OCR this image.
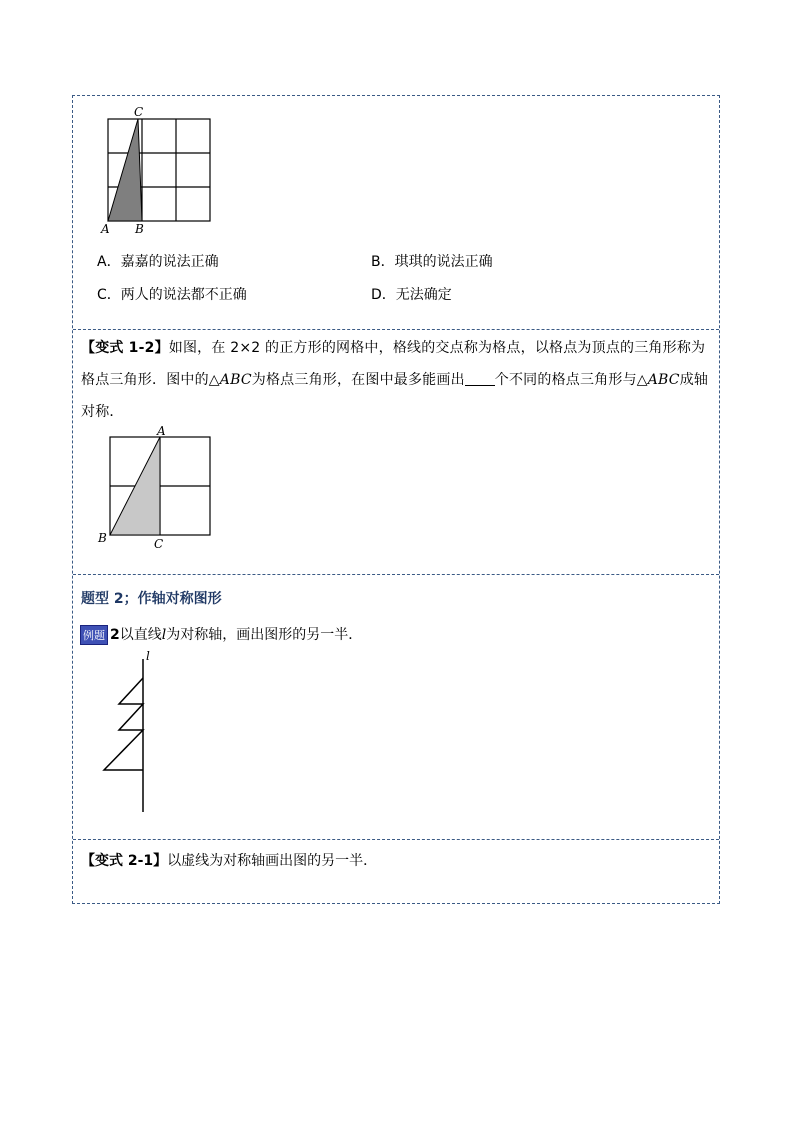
C
A B
A．嘉嘉的说法正确	B．琪琪的说法正确
C．两人的说法都不正确	D．无法确定
【变式 1-2】如图，在 2×2 的正方形的网格中，格线的交点称为格点，以格点为顶点的三角形称为格点三角形．图中的△ABC为格点三角形，在图中最多能画出 个不同的格点三角形与△ABC成轴对称．
A
B	C
题型 2；作轴对称图形
例题 2以直线l为对称轴，画出图形的另一半．
l
【变式 2-1】以虚线为对称轴画出图的另一半．
